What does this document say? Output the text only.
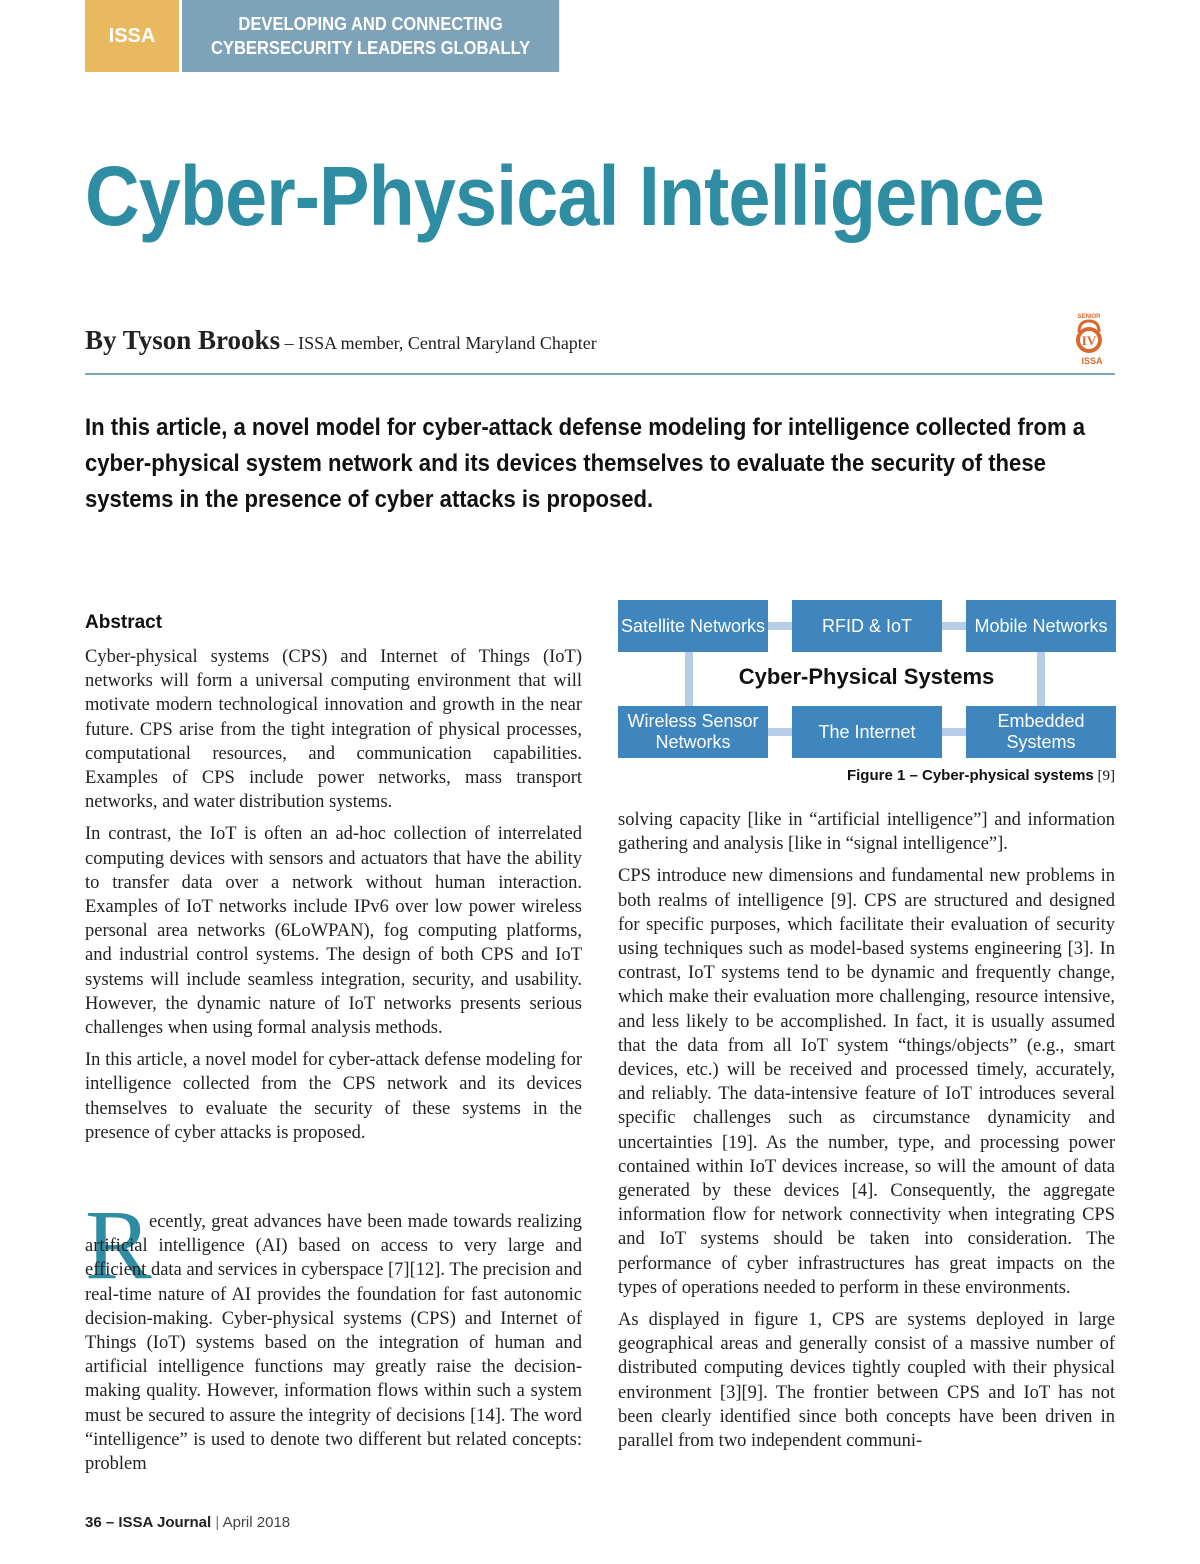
ISSA
DEVELOPING AND CONNECTING
CYBERSECURITY LEADERS GLOBALLY
Cyber-Physical Intelligence
By Tyson Brooks – ISSA member, Central Maryland Chapter
SENIOR
IV
ISSA
In this article, a novel model for cyber-attack defense modeling for intelligence collected from a cyber-physical system network and its devices themselves to evaluate the security of these systems in the presence of cyber attacks is proposed.
Abstract

Cyber-physical systems (CPS) and Internet of Things (IoT) networks will form a universal computing environment that will motivate modern technological innovation and growth in the near future. CPS arise from the tight integration of physical processes, computational resources, and communication capabilities. Examples of CPS include power networks, mass transport networks, and water distribution systems.

In contrast, the IoT is often an ad-hoc collection of interrelated computing devices with sensors and actuators that have the ability to transfer data over a network without human interaction. Examples of IoT networks include IPv6 over low power wireless personal area networks (6LoWPAN), fog computing platforms, and industrial control systems. The design of both CPS and IoT systems will include seamless integration, security, and usability. However, the dynamic nature of IoT networks presents serious challenges when using formal analysis methods.

In this article, a novel model for cyber-attack defense modeling for intelligence collected from the CPS network and its devices themselves to evaluate the security of these systems in the presence of cyber attacks is proposed.

R

ecently, great advances have been made towards realizing artificial intelligence (AI) based on access to very large and efficient data and services in cyberspace [7][12]. The precision and real-time nature of AI provides the foundation for fast autonomic decision-making. Cyber-physical systems (CPS) and Internet of Things (IoT) systems based on the integration of human and artificial intelligence functions may greatly raise the decision-making quality. However, information flows within such a system must be secured to assure the integrity of decisions [14]. The word “intelligence” is used to denote two different but related concepts: problem

Satellite Networks	RFID & IoT	Mobile Networks
Cyber-Physical Systems
Wireless Sensor Networks
The Internet
Embedded Systems
Figure 1 – Cyber-physical systems [9]

solving capacity [like in “artificial intelligence”] and information gathering and analysis [like in “signal intelligence”].

CPS introduce new dimensions and fundamental new problems in both realms of intelligence [9]. CPS are structured and designed for specific purposes, which facilitate their evaluation of security using techniques such as model-based systems engineering [3]. In contrast, IoT systems tend to be dynamic and frequently change, which make their evaluation more challenging, resource intensive, and less likely to be accomplished. In fact, it is usually assumed that the data from all IoT system “things/objects” (e.g., smart devices, etc.) will be received and processed timely, accurately, and reliably. The data-intensive feature of IoT introduces several specific challenges such as circumstance dynamicity and uncertainties [19]. As the number, type, and processing power contained within IoT devices increase, so will the amount of data generated by these devices [4]. Consequently, the aggregate information flow for network connectivity when integrating CPS and IoT systems should be taken into consideration. The performance of cyber infrastructures has great impacts on the types of operations needed to perform in these environments.

As displayed in figure 1, CPS are systems deployed in large geographical areas and generally consist of a massive number of distributed computing devices tightly coupled with their physical environment [3][9]. The frontier between CPS and IoT has not been clearly identified since both concepts have been driven in parallel from two independent communi-

36 – ISSA Journal | April 2018
